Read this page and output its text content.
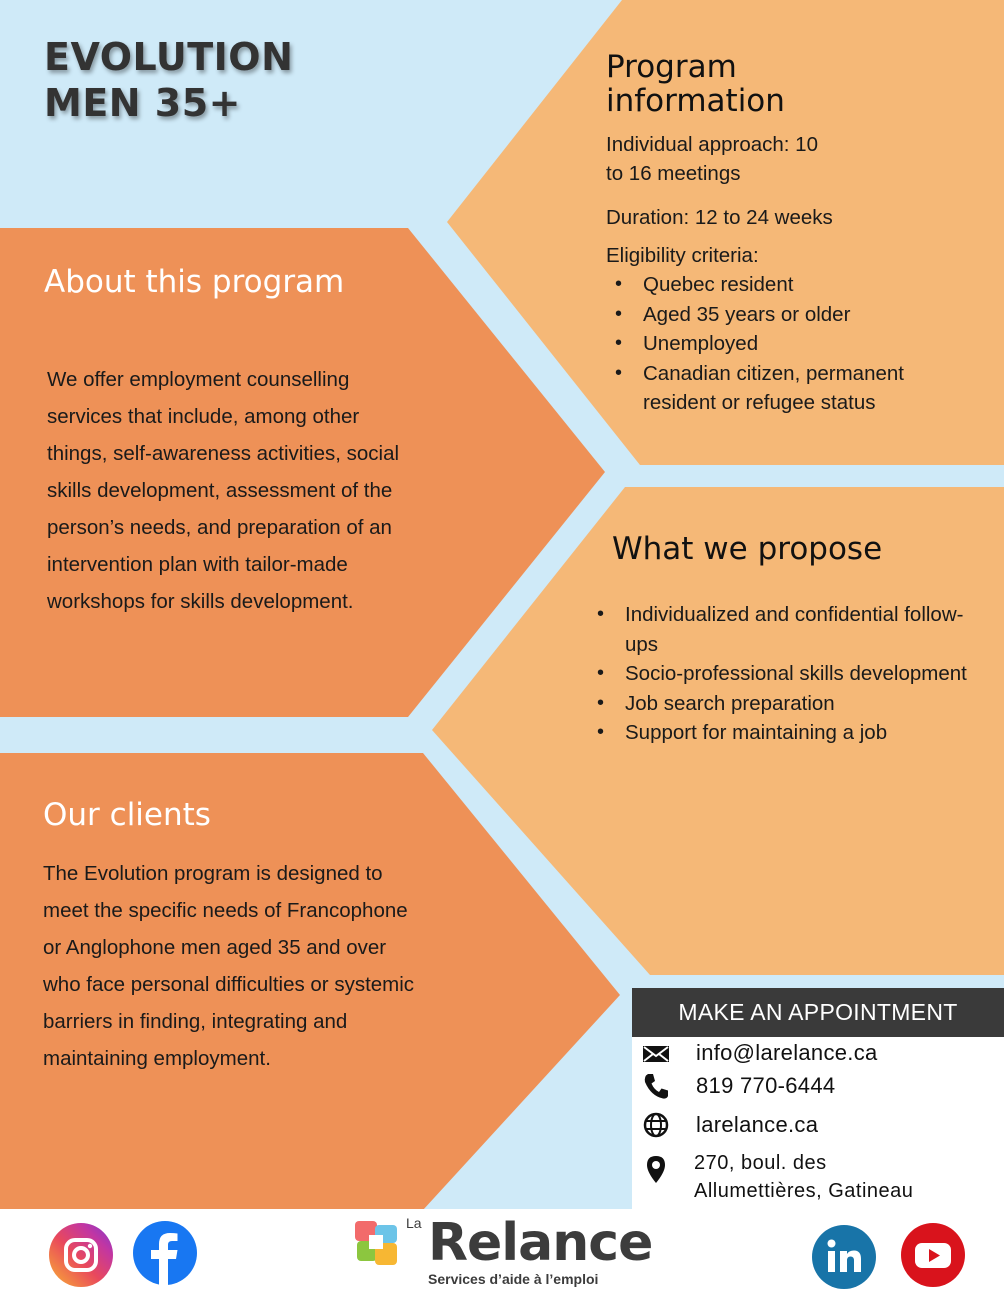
EVOLUTION
MEN 35+
About this program
We offer employment counselling
services that include, among other
things, self-awareness activities, social
skills development, assessment of the
person’s needs, and preparation of an
intervention plan with tailor-made
workshops for skills development.
Program
information
Individual approach: 10
to 16 meetings
Duration: 12 to 24 weeks
Eligibility criteria:
• Quebec resident
• Aged 35 years or older
• Unemployed
• Canadian citizen, permanent resident or refugee status
What we propose
• Individualized and confidential follow-ups
• Socio-professional skills development
• Job search preparation
• Support for maintaining a job
Our clients
The Evolution program is designed to
meet the specific needs of Francophone
or Anglophone men aged 35 and over
who face personal difficulties or systemic
barriers in finding, integrating and
maintaining employment.
MAKE AN APPOINTMENT
info@larelance.ca
819 770-6444
larelance.ca
270, boul. des
Allumettières, Gatineau
La Relance
Services d’aide à l’emploi
